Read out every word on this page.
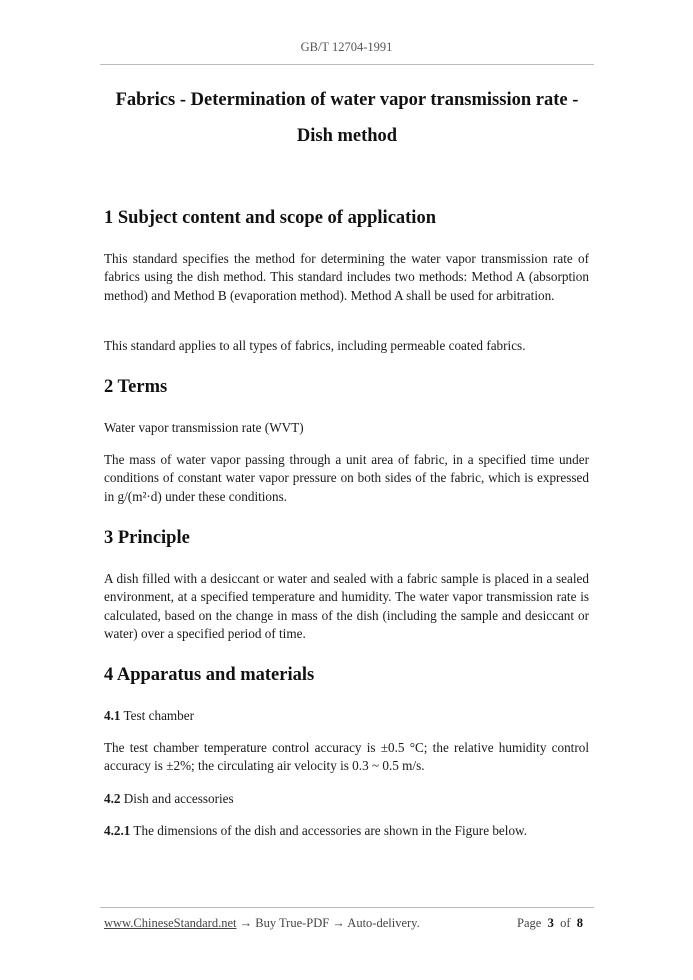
GB/T 12704-1991
Fabrics - Determination of water vapor transmission rate -
Dish method
1 Subject content and scope of application

This standard specifies the method for determining the water vapor transmission rate of fabrics using the dish method. This standard includes two methods: Method A (absorption method) and Method B (evaporation method). Method A shall be used for arbitration.

This standard applies to all types of fabrics, including permeable coated fabrics.

2 Terms

Water vapor transmission rate (WVT)

The mass of water vapor passing through a unit area of fabric, in a specified time under conditions of constant water vapor pressure on both sides of the fabric, which is expressed in g/(m²·d) under these conditions.

3 Principle

A dish filled with a desiccant or water and sealed with a fabric sample is placed in a sealed environment, at a specified temperature and humidity. The water vapor transmission rate is calculated, based on the change in mass of the dish (including the sample and desiccant or water) over a specified period of time.

4 Apparatus and materials

4.1 Test chamber

The test chamber temperature control accuracy is ±0.5 °C; the relative humidity control accuracy is ±2%; the circulating air velocity is 0.3 ~ 0.5 m/s.

4.2 Dish and accessories

4.2.1 The dimensions of the dish and accessories are shown in the Figure below.

www.ChineseStandard.net → Buy True-PDF → Auto-delivery.	Page 3 of 8
